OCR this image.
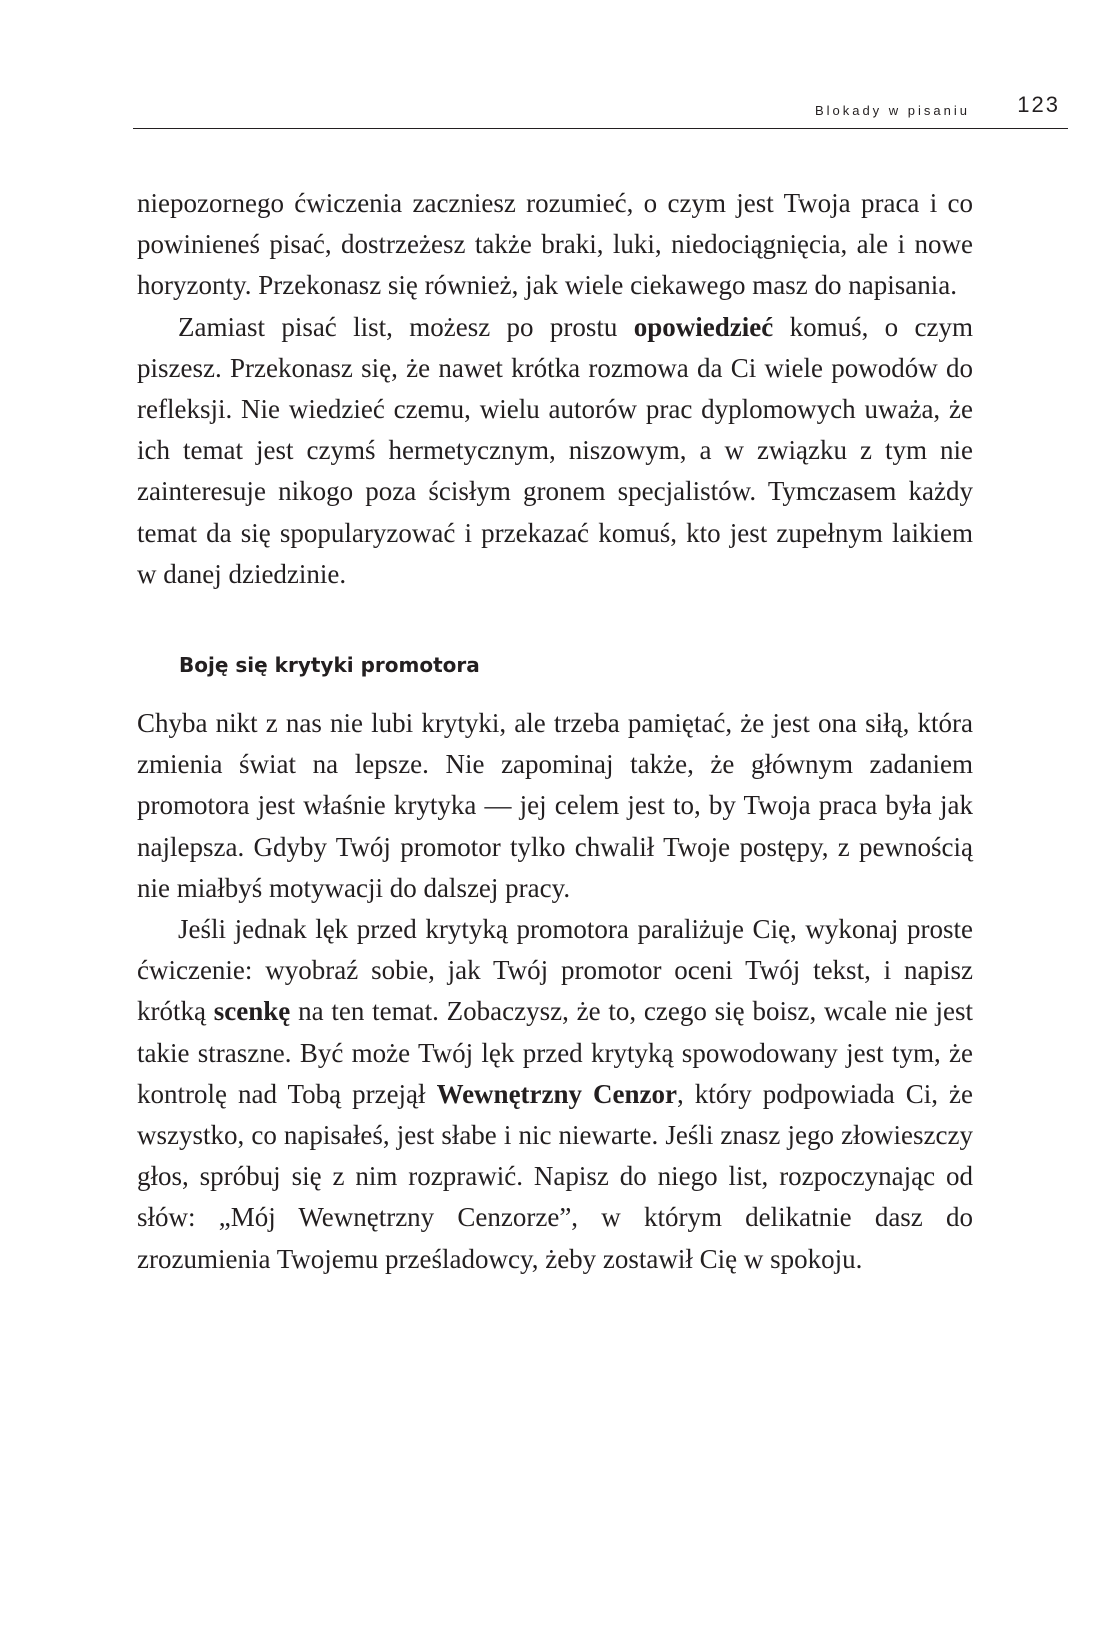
Blokady w pisaniu 123

niepozornego ćwiczenia zaczniesz rozumieć, o czym jest Twoja praca i co powinieneś pisać, dostrzeżesz także braki, luki, niedociągnięcia, ale i nowe horyzonty. Przekonasz się również, jak wiele ciekawego masz do napisania.

Zamiast pisać list, możesz po prostu opowiedzieć komuś, o czym piszesz. Przekonasz się, że nawet krótka rozmowa da Ci wiele powodów do refleksji. Nie wiedzieć czemu, wielu autorów prac dyplomowych uważa, że ich temat jest czymś hermetycznym, niszowym, a w związku z tym nie zainteresuje nikogo poza ścisłym gronem specjalistów. Tymczasem każdy temat da się spopularyzować i przekazać komuś, kto jest zupełnym laikiem w danej dziedzinie.

Boję się krytyki promotora

Chyba nikt z nas nie lubi krytyki, ale trzeba pamiętać, że jest ona siłą, która zmienia świat na lepsze. Nie zapominaj także, że głównym zadaniem promotora jest właśnie krytyka — jej celem jest to, by Twoja praca była jak najlepsza. Gdyby Twój promotor tylko chwalił Twoje postępy, z pewnością nie miałbyś motywacji do dalszej pracy.

Jeśli jednak lęk przed krytyką promotora paraliżuje Cię, wykonaj proste ćwiczenie: wyobraź sobie, jak Twój promotor oceni Twój tekst, i napisz krótką scenkę na ten temat. Zobaczysz, że to, czego się boisz, wcale nie jest takie straszne. Być może Twój lęk przed krytyką spowodowany jest tym, że kontrolę nad Tobą przejął Wewnętrzny Cenzor, który podpowiada Ci, że wszystko, co napisałeś, jest słabe i nic niewarte. Jeśli znasz jego złowieszczy głos, spróbuj się z nim rozprawić. Napisz do niego list, rozpoczynając od słów: „Mój Wewnętrzny Cenzorze”, w którym delikatnie dasz do zrozumienia Twojemu prześladowcy, żeby zostawił Cię w spokoju.
